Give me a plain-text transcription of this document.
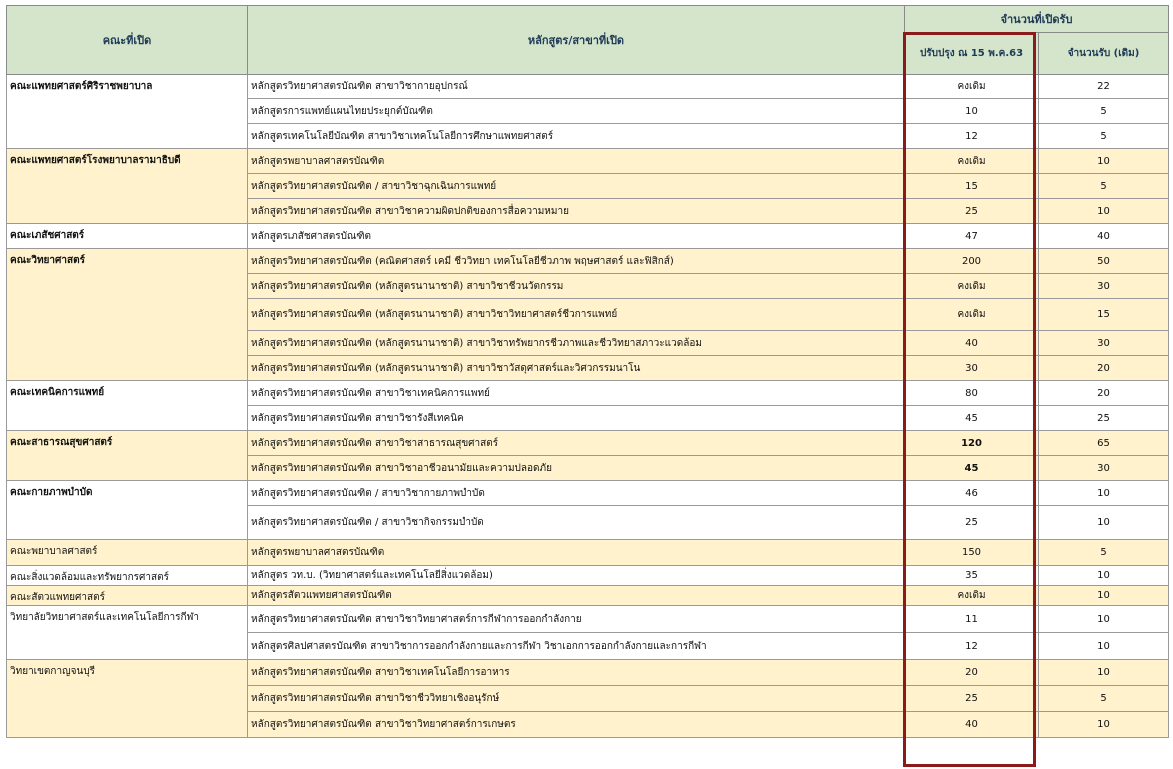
คณะที่เปิด	หลักสูตร/สาขาที่เปิด	จำนวนที่เปิดรับ	
		ปรับปรุง ณ 15 พ.ค.63	จำนวนรับ (เดิม)
คณะแพทยศาสตร์ศิริราชพยาบาล	หลักสูตรวิทยาศาสตรบัณฑิต สาขาวิชากายอุปกรณ์	คงเดิม	22
	หลักสูตรการแพทย์แผนไทยประยุกต์บัณฑิต	10	5
	หลักสูตรเทคโนโลยีบัณฑิต สาขาวิชาเทคโนโลยีการศึกษาแพทยศาสตร์	12	5
คณะแพทยศาสตร์โรงพยาบาลรามาธิบดี	หลักสูตรพยาบาลศาสตรบัณฑิต	คงเดิม	10
	หลักสูตรวิทยาศาสตรบัณฑิต / สาขาวิชาฉุกเฉินการแพทย์	15	5
	หลักสูตรวิทยาศาสตรบัณฑิต สาขาวิชาความผิดปกติของการสื่อความหมาย	25	10
คณะเภสัชศาสตร์	หลักสูตรเภสัชศาสตรบัณฑิต	47	40
คณะวิทยาศาสตร์	หลักสูตรวิทยาศาสตรบัณฑิต (คณิตศาสตร์ เคมี ชีววิทยา เทคโนโลยีชีวภาพ พฤษศาสตร์ และฟิสิกส์)	200	50
	หลักสูตรวิทยาศาสตรบัณฑิต (หลักสูตรนานาชาติ) สาขาวิชาชีวนวัตกรรม	คงเดิม	30
	หลักสูตรวิทยาศาสตรบัณฑิต (หลักสูตรนานาชาติ) สาขาวิชาวิทยาศาสตร์ชีวการแพทย์	คงเดิม	15
	หลักสูตรวิทยาศาสตรบัณฑิต (หลักสูตรนานาชาติ) สาขาวิชาทรัพยากรชีวภาพและชีววิทยาสภาวะแวดล้อม	40	30
	หลักสูตรวิทยาศาสตรบัณฑิต (หลักสูตรนานาชาติ) สาขาวิชาวัสดุศาสตร์และวิศวกรรมนาโน	30	20
คณะเทคนิคการแพทย์	หลักสูตรวิทยาศาสตรบัณฑิต สาขาวิชาเทคนิคการแพทย์	80	20
	หลักสูตรวิทยาศาสตรบัณฑิต สาขาวิชารังสีเทคนิค	45	25
คณะสาธารณสุขศาสตร์	หลักสูตรวิทยาศาสตรบัณฑิต สาขาวิชาสาธารณสุขศาสตร์	120	65
	หลักสูตรวิทยาศาสตรบัณฑิต สาขาวิชาอาชีวอนามัยและความปลอดภัย	45	30
คณะกายภาพบำบัด	หลักสูตรวิทยาศาสตรบัณฑิต / สาขาวิชากายภาพบำบัด	46	10
	หลักสูตรวิทยาศาสตรบัณฑิต / สาขาวิชากิจกรรมบำบัด	25	10
คณะพยาบาลศาสตร์	หลักสูตรพยาบาลศาสตรบัณฑิต	150	5
คณะสิ่งแวดล้อมและทรัพยากรศาสตร์	หลักสูตร วท.บ. (วิทยาศาสตร์และเทคโนโลยีสิ่งแวดล้อม)	35	10
คณะสัตวแพทยศาสตร์	หลักสูตรสัตวแพทยศาสตรบัณฑิต	คงเดิม	10
วิทยาลัยวิทยาศาสตร์และเทคโนโลยีการกีฬา	หลักสูตรวิทยาศาสตรบัณฑิต สาขาวิชาวิทยาศาสตร์การกีฬาการออกกำลังกาย	11	10
	หลักสูตรศิลปศาสตรบัณฑิต สาขาวิชาการออกกำลังกายและการกีฬา วิชาเอกการออกกำลังกายและการกีฬา	12	10
วิทยาเขตกาญจนบุรี	หลักสูตรวิทยาศาสตรบัณฑิต สาขาวิชาเทคโนโลยีการอาหาร	20	10
	หลักสูตรวิทยาศาสตรบัณฑิต สาขาวิชาชีววิทยาเชิงอนุรักษ์	25	5
	หลักสูตรวิทยาศาสตรบัณฑิต สาขาวิชาวิทยาศาสตร์การเกษตร	40	10
